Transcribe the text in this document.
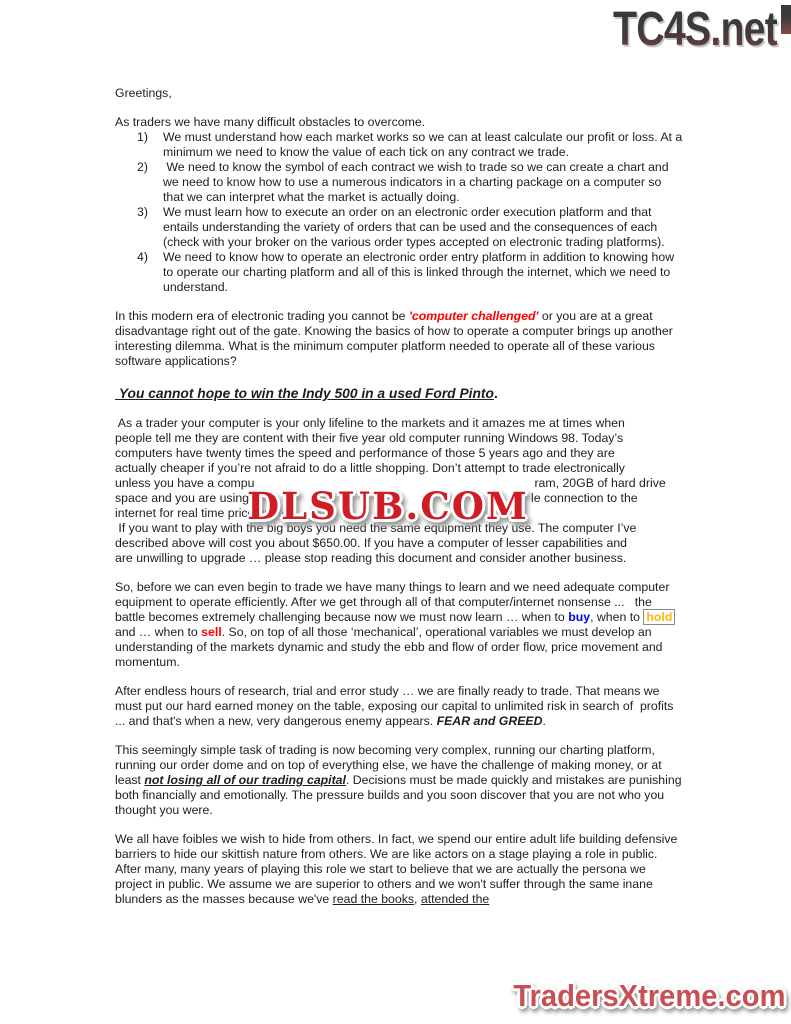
TC4S.net
Greetings,
As traders we have many difficult obstacles to overcome.
1)	We must understand how each market works so we can at least calculate our profit or loss. At a minimum we need to know the value of each tick on any contract we trade.
2)	We need to know the symbol of each contract we wish to trade so we can create a chart and we need to know how to use a numerous indicators in a charting package on a computer so that we can interpret what the market is actually doing.
3)	We must learn how to execute an order on an electronic order execution platform and that entails understanding the variety of orders that can be used and the consequences of each (check with your broker on the various order types accepted on electronic trading platforms).
4)	We need to know how to operate an electronic order entry platform in addition to knowing how to operate our charting platform and all of this is linked through the internet, which we need to understand.
In this modern era of electronic trading you cannot be 'computer challenged' or you are at a great disadvantage right out of the gate. Knowing the basics of how to operate a computer brings up another interesting dilemma. What is the minimum computer platform needed to operate all of these various software applications?
You cannot hope to win the Indy 500 in a used Ford Pinto.
As a trader your computer is your only lifeline to the markets and it amazes me at times when
people tell me they are content with their five year old computer running Windows 98. Today’s
computers have twenty times the speed and performance of those 5 years ago and they are
actually cheaper if you’re not afraid to do a little shopping. Don’t attempt to trade electronically
unless you have a compu	ram, 20GB of hard drive
space and you are using	le connection to the
internet for real time price quotes.
If you want to play with the big boys you need the same equipment they use. The computer I’ve
described above will cost you about $650.00. If you have a computer of lesser capabilities and
are unwilling to upgrade … please stop reading this document and consider another business.
So, before we can even begin to trade we have many things to learn and we need adequate computer equipment to operate efficiently. After we get through all of that computer/internet nonsense ...   the battle becomes extremely challenging because now we must now learn … when to buy, when to hold and … when to sell. So, on top of all those ‘mechanical’, operational variables we must develop an understanding of the markets dynamic and study the ebb and flow of order flow, price movement and momentum.
After endless hours of research, trial and error study … we are finally ready to trade. That means we must put our hard earned money on the table, exposing our capital to unlimited risk in search of  profits ... and that's when a new, very dangerous enemy appears. FEAR and GREED.
This seemingly simple task of trading is now becoming very complex, running our charting platform, running our order dome and on top of everything else, we have the challenge of making money, or at least not losing all of our trading capital. Decisions must be made quickly and mistakes are punishing both financially and emotionally. The pressure builds and you soon discover that you are not who you thought you were.
We all have foibles we wish to hide from others. In fact, we spend our entire adult life building defensive barriers to hide our skittish nature from others. We are like actors on a stage playing a role in public. After many, many years of playing this role we start to believe that we are actually the persona we project in public. We assume we are superior to others and we won't suffer through the same inane blunders as the masses because we've read the books, attended the
DLSUB.COM
TradersXtreme.com
